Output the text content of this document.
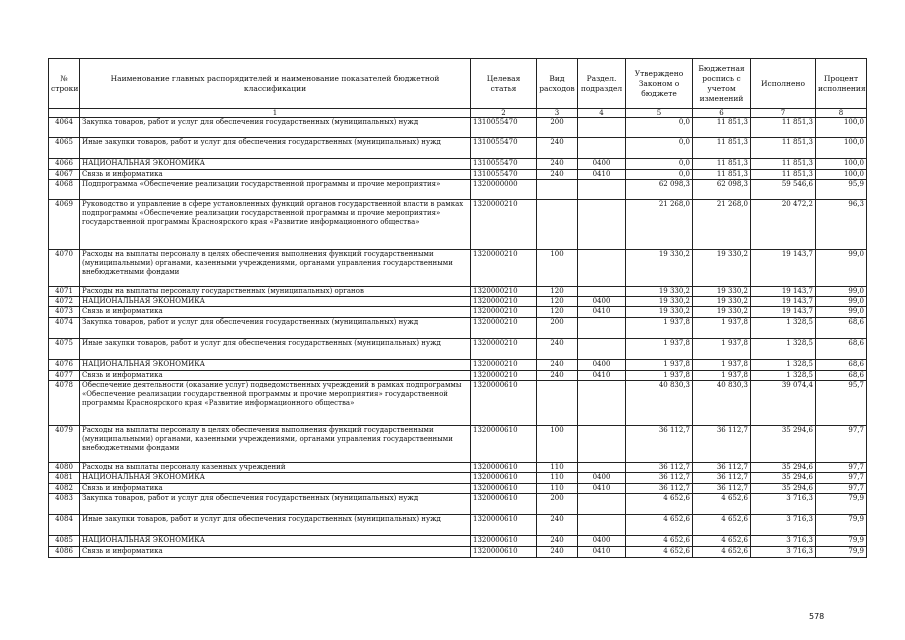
№ строки	Наименование главных распорядителей и наименование показателей бюджетной классификации	Целевая статья	Вид расходов	Раздел. подраздел	Утверждено Законом о бюджете	Бюджетная роспись с учетом изменений	Исполнено	Процент исполнения
	1	2	3	4	5	6	7	8
4064	Закупка товаров, работ и услуг для обеспечения государственных (муниципальных) нужд	1310055470	200		0,0	11 851,3	11 851,3	100,0
4065	Иные закупки товаров, работ и услуг для обеспечения государственных (муниципальных) нужд	1310055470	240		0,0	11 851,3	11 851,3	100,0
4066	НАЦИОНАЛЬНАЯ ЭКОНОМИКА	1310055470	240	0400	0,0	11 851,3	11 851,3	100,0
4067	Связь и информатика	1310055470	240	0410	0,0	11 851,3	11 851,3	100,0
4068	Подпрограмма «Обеспечение реализации государственной программы и прочие мероприятия»	1320000000			62 098,3	62 098,3	59 546,6	95,9
4069	Руководство и управление в сфере установленных функций органов государственной власти в рамках подпрограммы «Обеспечение реализации государственной программы и прочие мероприятия» государственной программы Красноярского края «Развитие информационного общества»	1320000210			21 268,0	21 268,0	20 472,2	96,3
4070	Расходы на выплаты персоналу в целях обеспечения выполнения функций государственными (муниципальными) органами, казенными учреждениями, органами управления государственными внебюджетными фондами	1320000210	100		19 330,2	19 330,2	19 143,7	99,0
4071	Расходы на выплаты персоналу государственных (муниципальных) органов	1320000210	120		19 330,2	19 330,2	19 143,7	99,0
4072	НАЦИОНАЛЬНАЯ ЭКОНОМИКА	1320000210	120	0400	19 330,2	19 330,2	19 143,7	99,0
4073	Связь и информатика	1320000210	120	0410	19 330,2	19 330,2	19 143,7	99,0
4074	Закупка товаров, работ и услуг для обеспечения государственных (муниципальных) нужд	1320000210	200		1 937,8	1 937,8	1 328,5	68,6
4075	Иные закупки товаров, работ и услуг для обеспечения государственных (муниципальных) нужд	1320000210	240		1 937,8	1 937,8	1 328,5	68,6
4076	НАЦИОНАЛЬНАЯ ЭКОНОМИКА	1320000210	240	0400	1 937,8	1 937,8	1 328,5	68,6
4077	Связь и информатика	1320000210	240	0410	1 937,8	1 937,8	1 328,5	68,6
4078	Обеспечение деятельности (оказание услуг) подведомственных учреждений в рамках подпрограммы «Обеспечение реализации государственной программы и прочие мероприятия» государственной программы Красноярского края «Развитие информационного общества»	1320000610			40 830,3	40 830,3	39 074,4	95,7
4079	Расходы на выплаты персоналу в целях обеспечения выполнения функций государственными (муниципальными) органами, казенными учреждениями, органами управления государственными внебюджетными фондами	1320000610	100		36 112,7	36 112,7	35 294,6	97,7
4080	Расходы на выплаты персоналу казенных учреждений	1320000610	110		36 112,7	36 112,7	35 294,6	97,7
4081	НАЦИОНАЛЬНАЯ ЭКОНОМИКА	1320000610	110	0400	36 112,7	36 112,7	35 294,6	97,7
4082	Связь и информатика	1320000610	110	0410	36 112,7	36 112,7	35 294,6	97,7
4083	Закупка товаров, работ и услуг для обеспечения государственных (муниципальных) нужд	1320000610	200		4 652,6	4 652,6	3 716,3	79,9
4084	Иные закупки товаров, работ и услуг для обеспечения государственных (муниципальных) нужд	1320000610	240		4 652,6	4 652,6	3 716,3	79,9
4085	НАЦИОНАЛЬНАЯ ЭКОНОМИКА	1320000610	240	0400	4 652,6	4 652,6	3 716,3	79,9
4086	Связь и информатика	1320000610	240	0410	4 652,6	4 652,6	3 716,3	79,9
578
